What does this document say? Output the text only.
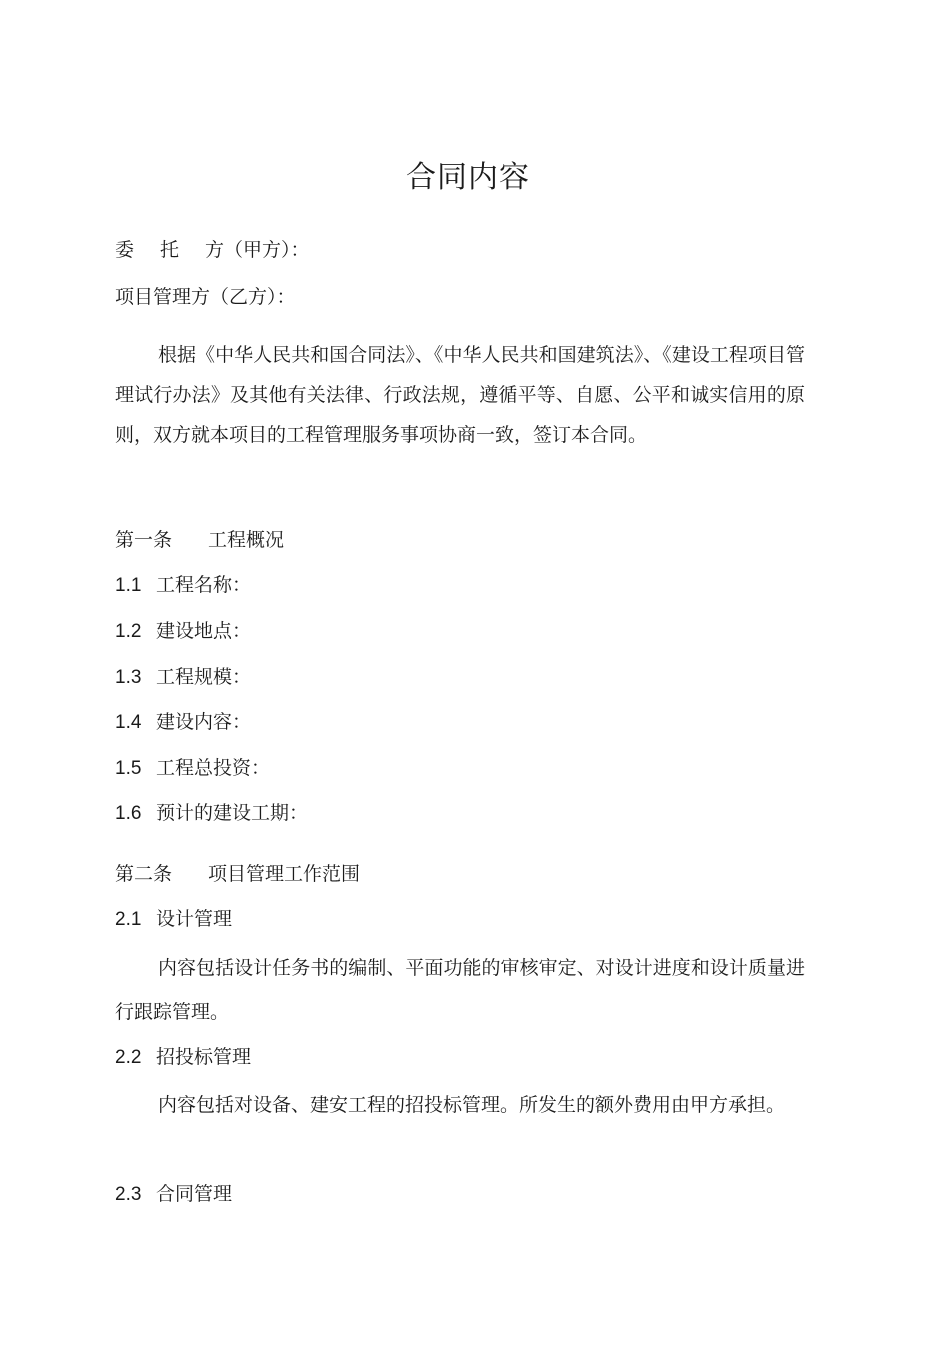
合同内容
委 托 方（甲方）：
项目管理方（乙方）：
根据《中华人民共和国合同法》、《中华人民共和国建筑法》、《建设工程项目管理试行办法》及其他有关法律、行政法规，遵循平等、自愿、公平和诚实信用的原则，双方就本项目的工程管理服务事项协商一致，签订本合同。
第一条 工程概况
1.1 工程名称：
1.2 建设地点：
1.3 工程规模：
1.4 建设内容：
1.5 工程总投资：
1.6 预计的建设工期：
第二条 项目管理工作范围
2.1 设计管理
内容包括设计任务书的编制、平面功能的审核审定、对设计进度和设计质量进行跟踪管理。
2.2 招投标管理
内容包括对设备、建安工程的招投标管理。所发生的额外费用由甲方承担。
2.3 合同管理
